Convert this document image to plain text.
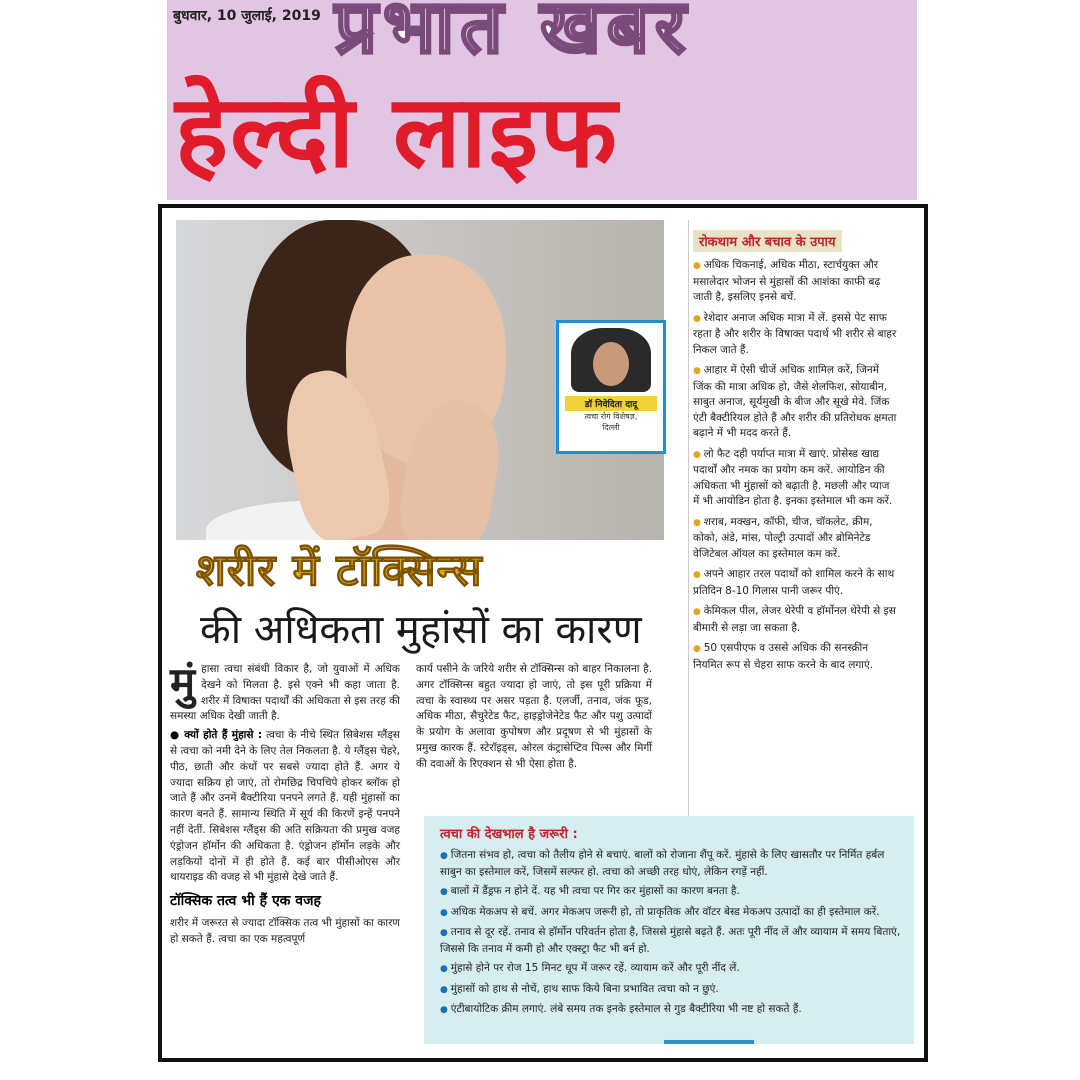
बुधवार, 10 जुलाई, 2019 प्रभात खबर
हेल्दी लाइफ
डॉ निवेदिता दादू
त्वचा रोग विशेषज्ञ,
दिल्ली
शरीर में टॉक्सिन्स
की अधिकता मुहांसों का कारण

मुं हासा त्वचा संबंधी विकार है, जो युवाओं में अधिक देखने को मिलता है. इसे एक्ने भी कहा जाता है. शरीर में विषाक्त पदार्थों की अधिकता से इस तरह की समस्या अधिक देखी जाती है.

● क्यों होते हैं मुंहासे : त्वचा के नीचे स्थित सिबेशस ग्लैंड्स से त्वचा को नमी देने के लिए तेल निकलता है. ये ग्लैंड्स चेहरे, पीठ, छाती और कंधों पर सबसे ज्यादा होते हैं. अगर ये ज्यादा सक्रिय हो जाएं, तो रोमछिद्र चिपचिपे होकर ब्लॉक हो जाते हैं और उनमें बैक्टीरिया पनपने लगते हैं. यही मुंहासों का कारण बनते हैं. सामान्य स्थिति में सूर्य की किरणें इन्हें पनपने नहीं देतीं. सिबेशस ग्लैंड्स की अति सक्रियता की प्रमुख वजह एंड्रोजन हॉर्मोन की अधिकता है. एंड्रोजन हॉर्मोन लड़के और लड़कियों दोनों में ही होते हैं. कई बार पीसीओएस और थायराइड की वजह से भी मुंहासे देखे जाते हैं.

टॉक्सिक तत्व भी हैं एक वजह

शरीर में जरूरत से ज्यादा टॉक्सिक तत्व भी मुंहासों का कारण हो सकते हैं. त्वचा का एक महत्वपूर्ण

कार्य पसीने के जरिये शरीर से टॉक्सिन्स को बाहर निकालना है. अगर टॉक्सिन्स बहुत ज्यादा हो जाएं, तो इस पूरी प्रक्रिया में त्वचा के स्वास्थ्य पर असर पड़ता है. एलर्जी, तनाव, जंक फूड, अधिक मीठा, सैचुरेटेड फैट, हाइड्रोजेनेटेड फैट और पशु उत्पादों के प्रयोग के अलावा कुपोषण और प्रदूषण से भी मुंहासों के प्रमुख कारक हैं. स्टेरॉइड्स, ओरल कंट्रासेप्टिव पिल्स और मिर्गी की दवाओं के रिएक्शन से भी ऐसा होता है.

रोकथाम और बचाव के उपाय
● अधिक चिकनाई, अधिक मीठा, स्टार्चयुक्त और मसालेदार भोजन से मुंहासों की आशंका काफी बढ़ जाती है, इसलिए इनसे बचें.
● रेशेदार अनाज अधिक मात्रा में लें. इससे पेट साफ रहता है और शरीर के विषाक्त पदार्थ भी शरीर से बाहर निकल जाते हैं.
● आहार में ऐसी चीजें अधिक शामिल करें, जिनमें जिंक की मात्रा अधिक हो, जैसे शेलफिश, सोयाबीन, साबुत अनाज, सूर्यमुखी के बीज और सूखे मेवे. जिंक एंटी बैक्टीरियल होते हैं और शरीर की प्रतिरोधक क्षमता बढ़ाने में भी मदद करते हैं.
● लो फैट दही पर्याप्त मात्रा में खाएं. प्रोसेस्ड खाद्य पदार्थों और नमक का प्रयोग कम करें. आयोडिन की अधिकता भी मुंहासों को बढ़ाती है. मछली और प्याज में भी आयोडिन होता है. इनका इस्तेमाल भी कम करें.
● शराब, मक्खन, कॉफी, चीज, चॉकलेट, क्रीम, कोको, अंडे, मांस, पोल्ट्री उत्पादों और ब्रोमिनेटेड वेजिटेबल ऑयल का इस्तेमाल कम करें.
● अपने आहार तरल पदार्थों को शामिल करने के साथ प्रतिदिन 8-10 गिलास पानी जरूर पीएं.
● केमिकल पील, लेजर थेरेपी व हॉर्मोनल थेरेपी से इस बीमारी से लड़ा जा सकता है.
● 50 एसपीएफ व उससे अधिक की सनस्क्रीन नियमित रूप से चेहरा साफ करने के बाद लगाएं.
त्वचा की देखभाल है जरूरी :
● जितना संभव हो, त्वचा को तैलीय होने से बचाएं. बालों को रोजाना शैंपू करें. मुंहासे के लिए खासतौर पर निर्मित हर्बल साबुन का इस्तेमाल करें, जिसमें सल्फर हो. त्वचा को अच्छी तरह धोएं, लेकिन रगड़ें नहीं.
● बालों में डैंड्रफ न होने दें. यह भी त्वचा पर गिर कर मुंहासों का कारण बनता है.
● अधिक मेकअप से बचें. अगर मेकअप जरूरी हो, तो प्राकृतिक और वॉटर बेस्ड मेकअप उत्पादों का ही इस्तेमाल करें.
● तनाव से दूर रहें. तनाव से हॉर्मोन परिवर्तन होता है, जिससे मुंहासे बढ़ते हैं. अतः पूरी नींद लें और व्यायाम में समय बिताएं, जिससे कि तनाव में कमी हो और एक्स्ट्रा फैट भी बर्न हो.
● मुंहासे होने पर रोज 15 मिनट धूप में जरूर रहें. व्यायाम करें और पूरी नींद लें.
● मुंहासों को हाथ से नोचें, हाथ साफ किये बिना प्रभावित त्वचा को न छुएं.
● एंटीबायोटिक क्रीम लगाएं. लंबे समय तक इनके इस्तेमाल से गुड बैक्टीरिया भी नष्ट हो सकते हैं.
